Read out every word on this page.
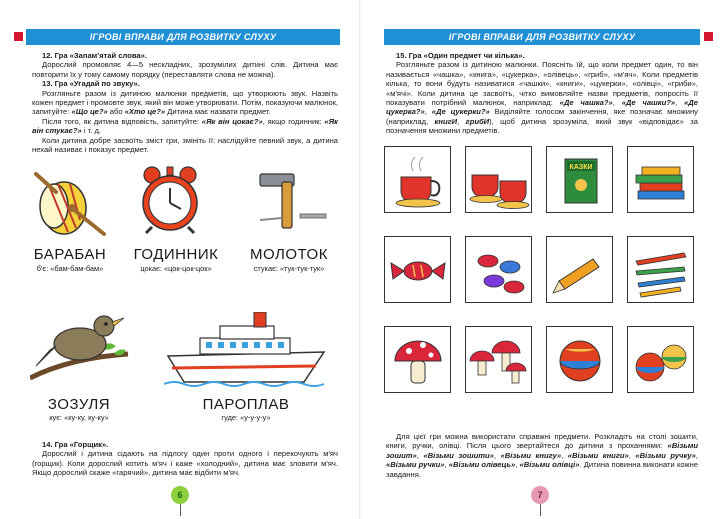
ІГРОВІ ВПРАВИ ДЛЯ РОЗВИТКУ СЛУХУ
12. Гра «Запам'ятай слова».
Дорослий промовляє 4—5 нескладних, зрозумілих дитині слів. Дитина має повторити їх у тому самому порядку (переставляти слова не можна).
13. Гра «Угадай по звуку».
Розгляньте разом із дитиною малюнки предметів, що утворюють звук. Назвіть кожен предмет і промовте звук, який він може утворювати. Потім, показуючи малюнок, запитуйте: «Що це?» або «Хто це?» Дитина має назвати предмет.
Після того, як дитина відповість, запитуйте: «Як він цокає?», якщо годинник: «Як він стукає?» і т. д.
Коли дитина добре засвоїть зміст гри, змініть її: наслідуйте певний звук, а дитина нехай називає і показує предмет.
БАРАБАН
б'є: «бам-бам-бам»
ГОДИННИК
цокає: «цок-цок-цок»
МОЛОТОК
стукає: «тук-тук-тук»
ЗОЗУЛЯ
кує: «ку-ку, ку-ку»
ПАРОПЛАВ
гуде: «у-у-у-у»
14. Гра «Горщик».
Дорослий і дитина сідають на підлогу один проти одного і перекочують м'яч (горщик). Коли дорослий котить м'яч і каже «холодний», дитина має зловити м'яч. Якщо дорослий скаже «гарячий», дитина має відбити м'яч.
6
ІГРОВІ ВПРАВИ ДЛЯ РОЗВИТКУ СЛУХУ
15. Гра «Один предмет чи кілька».
Розгляньте разом із дитиною малюнки. Поясніть їй, що коли предмет один, то він називається «чашка», «книга», «цукерка», «олівець», «гриб», «м'яч». Коли предметів кілька, то вони будуть називатися «чашки», «книги», «цукерки», «олівці», «гриби», «м'ячі». Коли дитина це засвоїть, чітко вимовляйте назви предметів, попросіть її показувати потрібний малюнок, наприклад: «Де чашка?», «Де чашки?», «Де цукерка?», «Де цукерки?» Виділяйте голосом закінчення, яке позначає множину (наприклад, книгИ, грибИ), щоб дитина зрозуміла, який звук «відповідає» за позначення множини предметів.
КАЗКИ
Для цієї гри можна використати справжні предмети. Розкладіть на столі зошити, книги, ручки, олівці. Після цього звертайтеся до дитини з проханнями: «Візьми зошит», «Візьми зошити», «Візьми книгу», «Візьми книги», «Візьми ручку», «Візьми ручки», «Візьми олівець», «Візьми олівці». Дитина повинна виконати кожне завдання.
7
